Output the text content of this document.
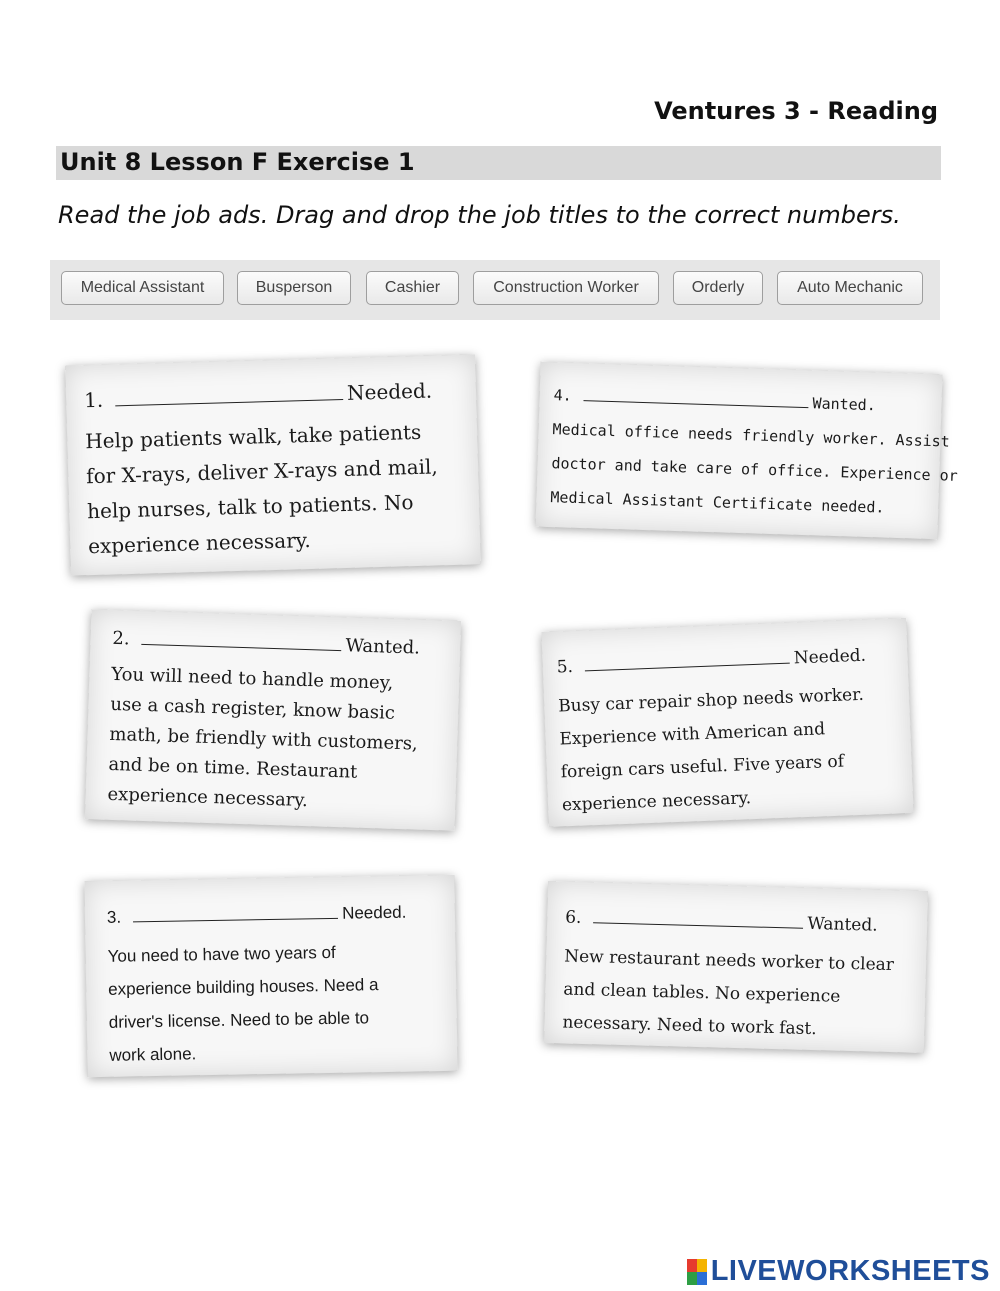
Ventures 3 - Reading
Unit 8 Lesson F Exercise 1
Read the job ads. Drag and drop the job titles to the correct numbers.
Medical Assistant	Busperson	Cashier	Construction Worker	Orderly	Auto Mechanic
1.	Needed.
Help patients walk, take patients
for X-rays, deliver X-rays and mail,
help nurses, talk to patients. No
experience necessary.
2.	Wanted.
You will need to handle money,
use a cash register, know basic
math, be friendly with customers,
and be on time. Restaurant
experience necessary.
3.	Needed.
You need to have two years of
experience building houses. Need a
driver's license. Need to be able to
work alone.
4.	Wanted.
Medical office needs friendly worker. Assist
doctor and take care of office. Experience or
Medical Assistant Certificate needed.
5.	Needed.
Busy car repair shop needs worker.
Experience with American and
foreign cars useful. Five years of
experience necessary.
6.	Wanted.
New restaurant needs worker to clear
and clean tables. No experience
necessary. Need to work fast.
LIVEWORKSHEETS
